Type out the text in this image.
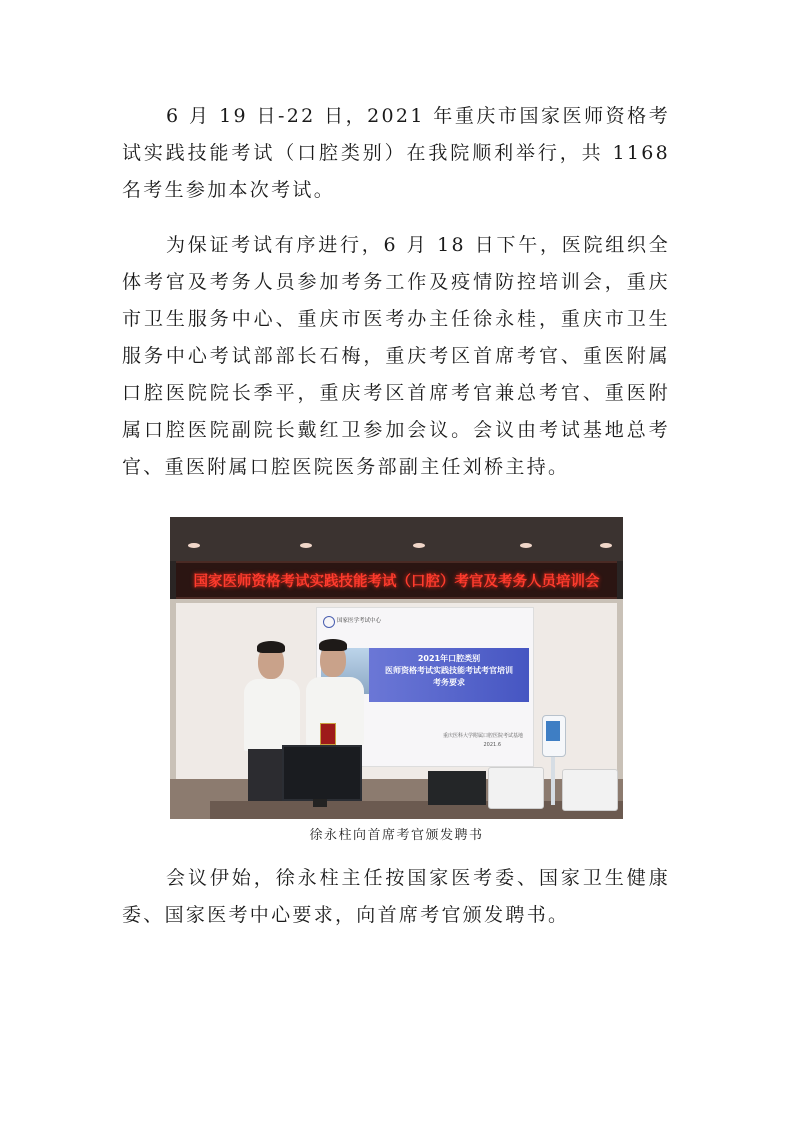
6 月 19 日-22 日，2021 年重庆市国家医师资格考试实践技能考试（口腔类别）在我院顺利举行，共 1168 名考生参加本次考试。

为保证考试有序进行，6 月 18 日下午，医院组织全体考官及考务人员参加考务工作及疫情防控培训会，重庆市卫生服务中心、重庆市医考办主任徐永桂，重庆市卫生服务中心考试部部长石梅，重庆考区首席考官、重医附属口腔医院院长季平，重庆考区首席考官兼总考官、重医附属口腔医院副院长戴红卫参加会议。会议由考试基地总考官、重医附属口腔医院医务部副主任刘桥主持。

国家医师资格考试实践技能考试（口腔）考官及考务人员培训会
国家医学考试中心
2021年口腔类别
医师资格考试实践技能考试考官培训
考务要求
重庆医科大学附属口腔医院考试基地
2021.6
徐永柱向首席考官颁发聘书

会议伊始，徐永柱主任按国家医考委、国家卫生健康委、国家医考中心要求，向首席考官颁发聘书。
